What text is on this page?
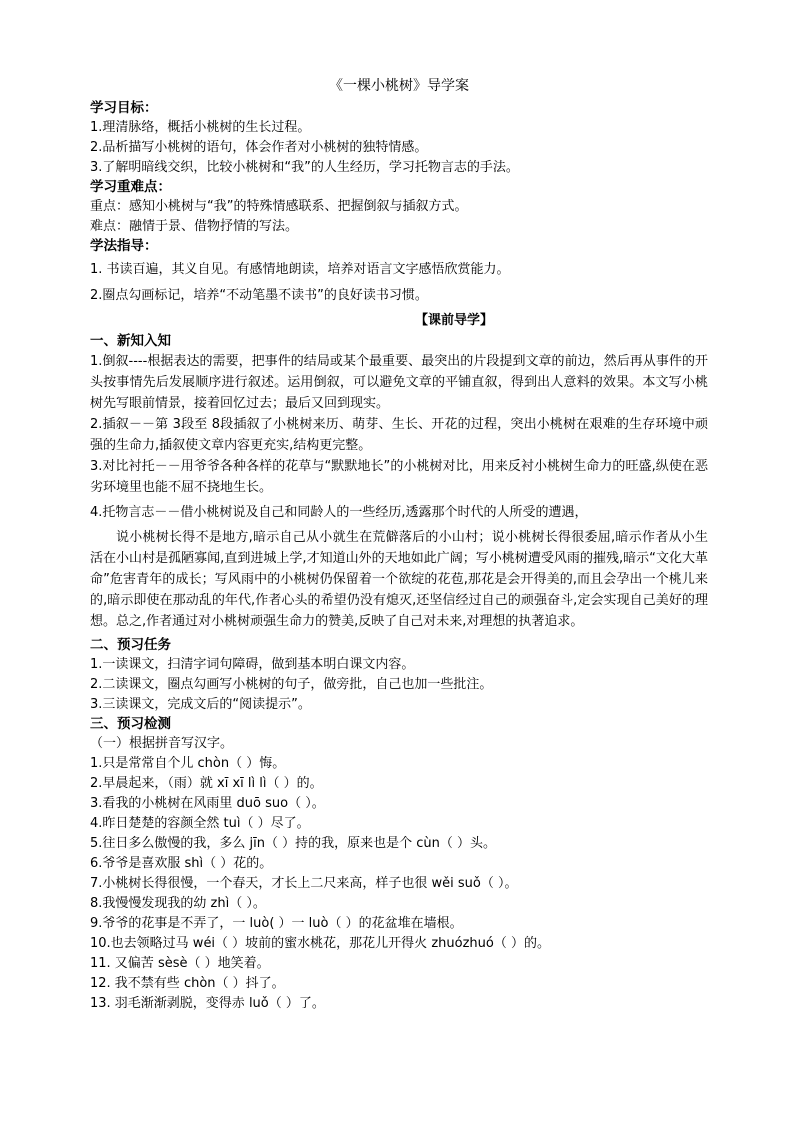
《一棵小桃树》导学案
学习目标：
1.理清脉络，概括小桃树的生长过程。
2.品析描写小桃树的语句，体会作者对小桃树的独特情感。
3.了解明暗线交织，比较小桃树和“我”的人生经历，学习托物言志的手法。
学习重难点：
重点：感知小桃树与“我”的特殊情感联系、把握倒叙与插叙方式。
难点：融情于景、借物抒情的写法。
学法指导：
1. 书读百遍，其义自见。有感情地朗读，培养对语言文字感悟欣赏能力。
2.圈点勾画标记，培养“不动笔墨不读书”的良好读书习惯。
【课前导学】
一、新知入知
1.倒叙----根据表达的需要，把事件的结局或某个最重要、最突出的片段提到文章的前边，然后再从事件的开头按事情先后发展顺序进行叙述。运用倒叙，可以避免文章的平铺直叙，得到出人意料的效果。本文写小桃树先写眼前情景，接着回忆过去；最后又回到现实。
2.插叙－－第 3段至 8段插叙了小桃树来历、萌芽、生长、开花的过程，突出小桃树在艰难的生存环境中顽强的生命力,插叙使文章内容更充实,结构更完整。
3.对比衬托－－用爷爷各种各样的花草与“默默地长”的小桃树对比，用来反衬小桃树生命力的旺盛,纵使在恶劣环境里也能不屈不挠地生长。
4.托物言志－－借小桃树说及自己和同龄人的一些经历,透露那个时代的人所受的遭遇，
说小桃树长得不是地方,暗示自己从小就生在荒僻落后的小山村；说小桃树长得很委屈,暗示作者从小生活在小山村是孤陋寡闻,直到进城上学,才知道山外的天地如此广阔；写小桃树遭受风雨的摧残,暗示“文化大革命”危害青年的成长；写风雨中的小桃树仍保留着一个欲绽的花苞,那花是会开得美的,而且会孕出一个桃儿来的,暗示即使在那动乱的年代,作者心头的希望仍没有熄灭,还坚信经过自己的顽强奋斗,定会实现自己美好的理想。总之,作者通过对小桃树顽强生命力的赞美,反映了自己对未来,对理想的执著追求。
二、预习任务
1.一读课文，扫清字词句障碍，做到基本明白课文内容。
2.二读课文，圈点勾画写小桃树的句子，做旁批，自己也加一些批注。
3.三读课文，完成文后的“阅读提示”。
三、预习检测
（一）根据拼音写汉字。
1.只是常常自个儿 chòn（ ）悔。
2.早晨起来，（雨）就 xī xī lì lì（ ）的。
3.看我的小桃树在风雨里 duō suo（ ）。
4.昨日楚楚的容颜全然 tuì（ ）尽了。
5.往日多么傲慢的我，多么 jīn（ ）持的我，原来也是个 cùn（ ）头。
6.爷爷是喜欢服 shì（ ）花的。
7.小桃树长得很慢，一个春天，才长上二尺来高，样子也很 wěi suǒ（ ）。
8.我慢慢发现我的幼 zhì（ ）。
9.爷爷的花事是不弄了，一 luò( ）一 luò（ ）的花盆堆在墙根。
10.也去领略过马 wéi（ ）坡前的蜜水桃花，那花儿开得火 zhuózhuó（ ）的。
11. 又偏苦 sèsè（ ）地笑着。
12. 我不禁有些 chòn（ ）抖了。
13. 羽毛渐渐剥脱，变得赤 luǒ（ ）了。
